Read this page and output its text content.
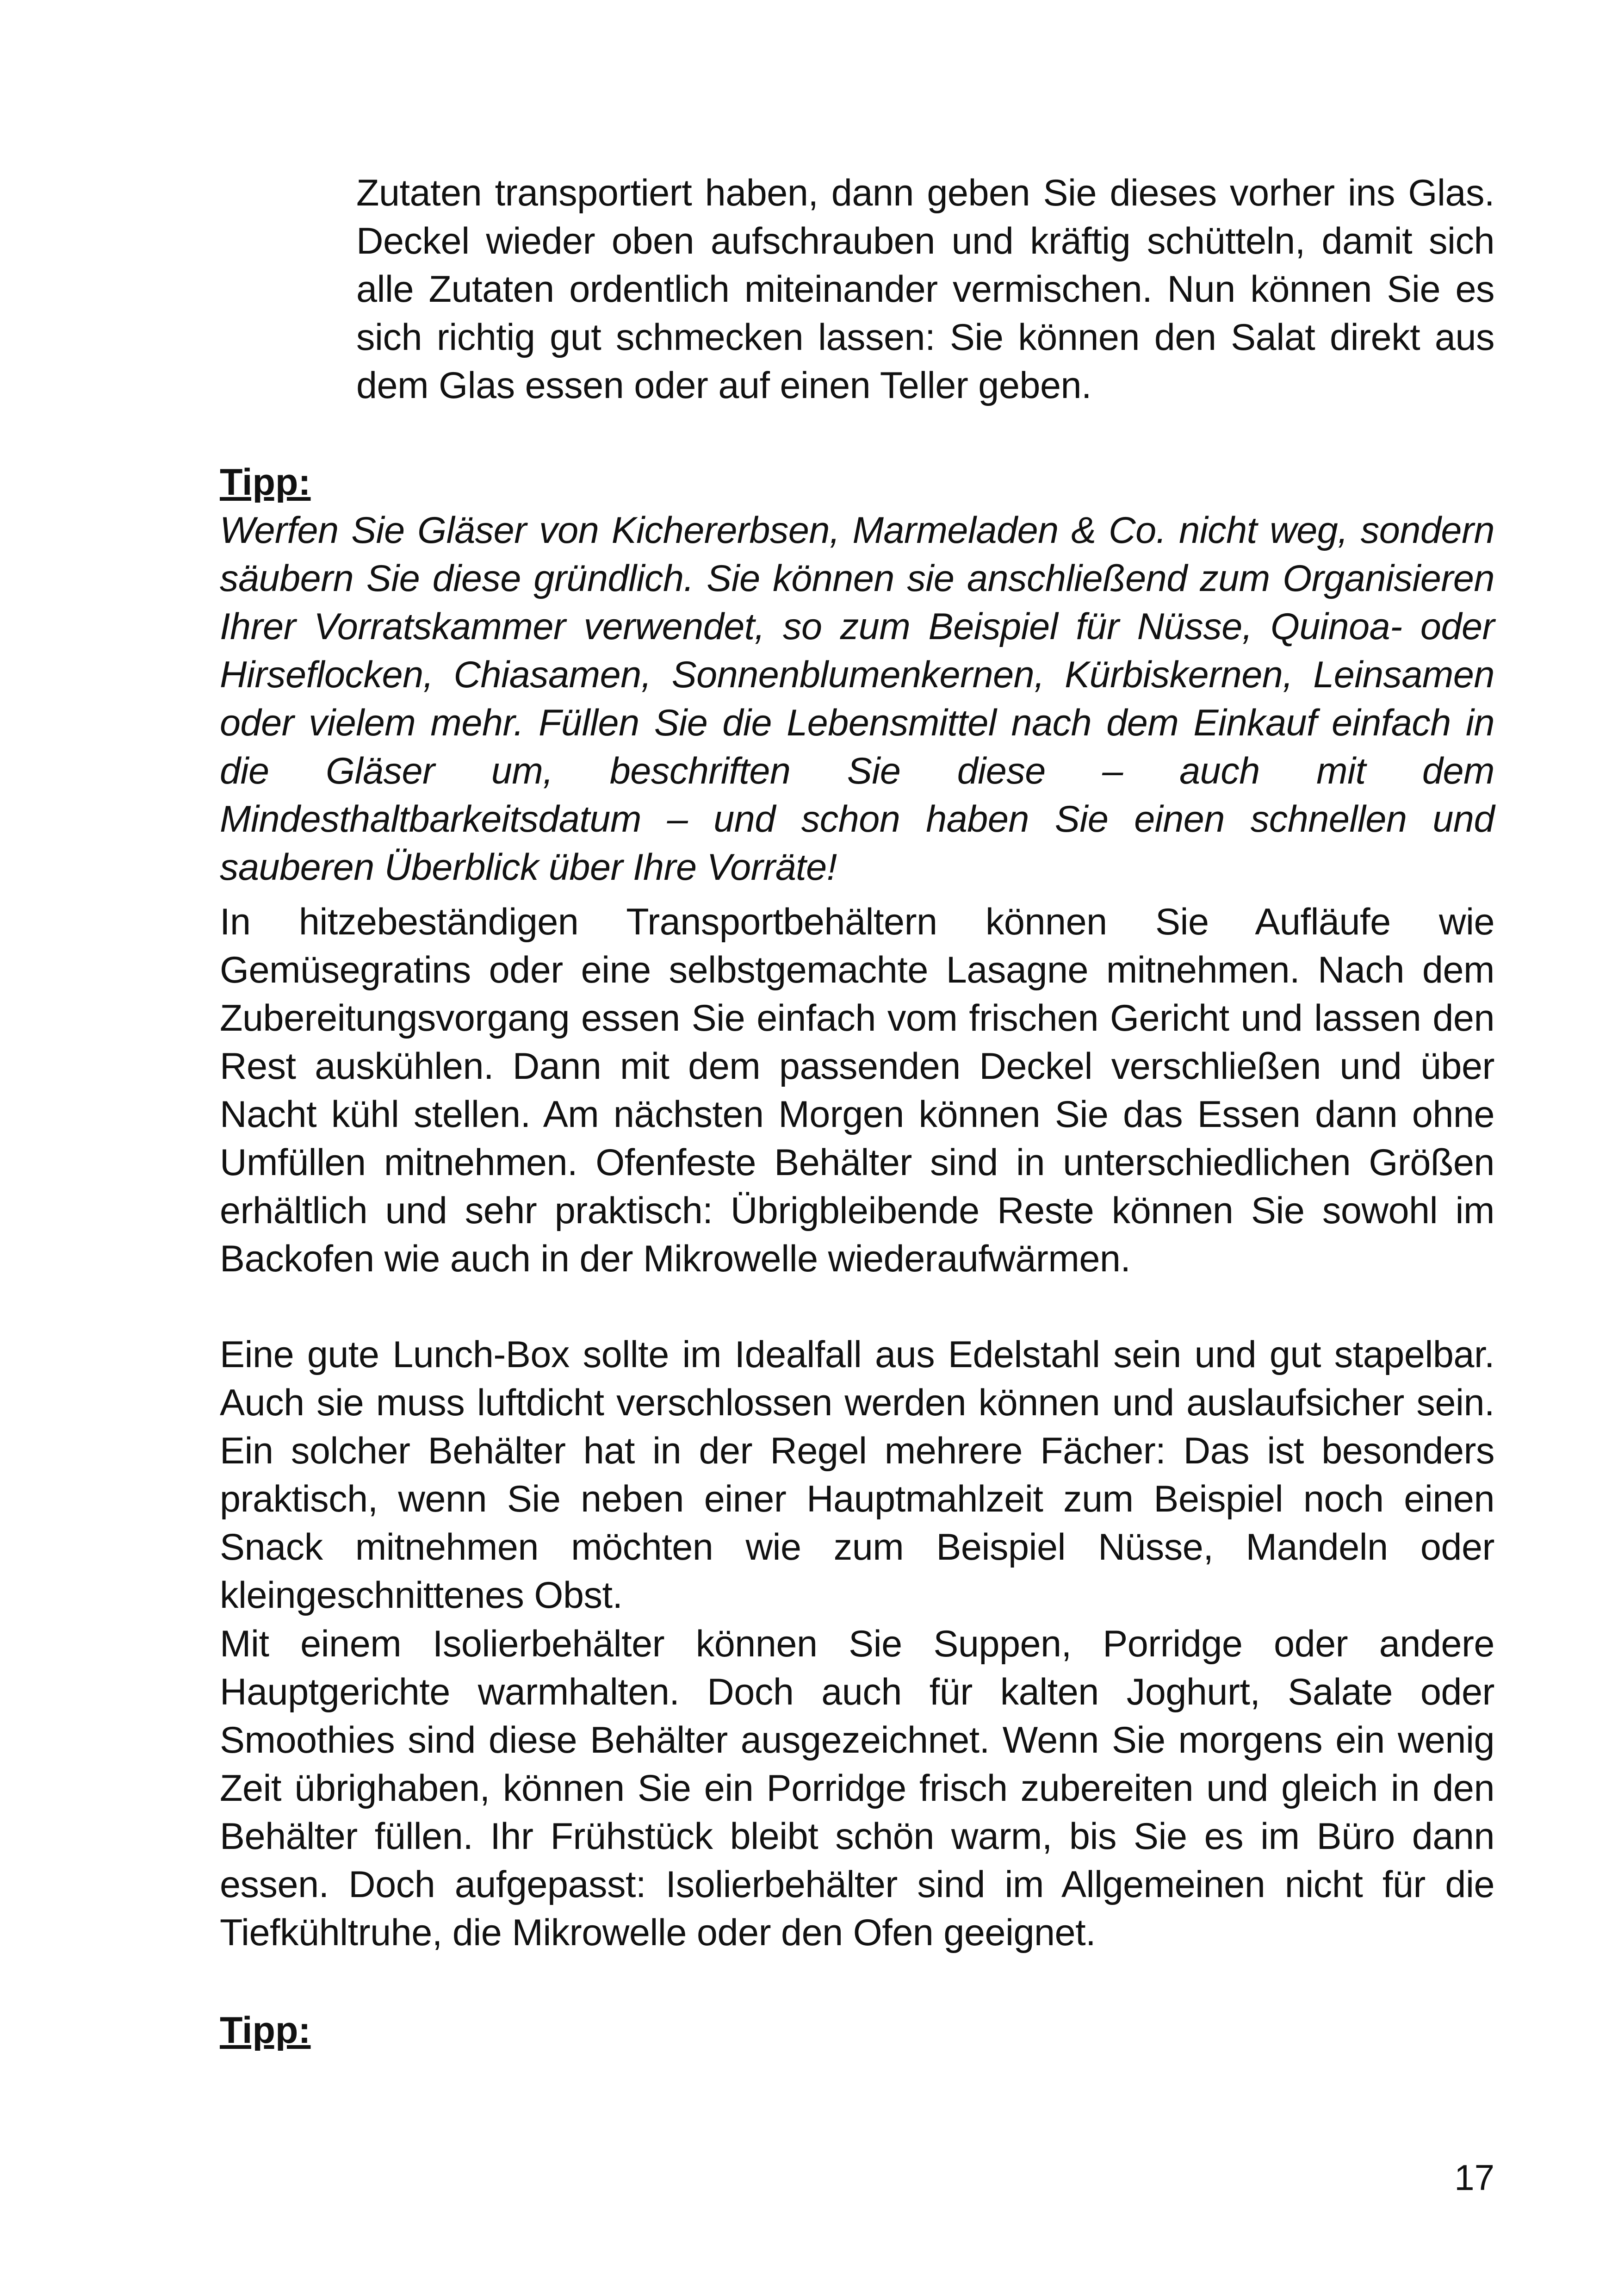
Zutaten transportiert haben, dann geben Sie dieses vorher ins Glas. Deckel wieder oben aufschrauben und kräftig schütteln, damit sich alle Zutaten ordentlich miteinander vermischen. Nun können Sie es sich richtig gut schmecken lassen: Sie können den Salat direkt aus dem Glas essen oder auf einen Teller geben.

Tipp:

Werfen Sie Gläser von Kichererbsen, Marmeladen & Co. nicht weg, sondern säubern Sie diese gründlich. Sie können sie anschließend zum Organisieren Ihrer Vorratskammer verwendet, so zum Beispiel für Nüsse, Quinoa- oder Hirseflocken, Chiasamen, Sonnenblumenkernen, Kürbiskernen, Leinsamen oder vielem mehr. Füllen Sie die Lebensmittel nach dem Einkauf einfach in die Gläser um, beschriften Sie diese – auch mit dem Mindesthaltbarkeitsdatum – und schon haben Sie einen schnellen und sauberen Überblick über Ihre Vorräte!

In hitzebeständigen Transportbehältern können Sie Aufläufe wie Gemüsegratins oder eine selbstgemachte Lasagne mitnehmen. Nach dem Zubereitungsvorgang essen Sie einfach vom frischen Gericht und lassen den Rest auskühlen. Dann mit dem passenden Deckel verschließen und über Nacht kühl stellen. Am nächsten Morgen können Sie das Essen dann ohne Umfüllen mitnehmen. Ofenfeste Behälter sind in unterschiedlichen Größen erhältlich und sehr praktisch: Übrigbleibende Reste können Sie sowohl im Backofen wie auch in der Mikrowelle wiederaufwärmen.

Eine gute Lunch-Box sollte im Idealfall aus Edelstahl sein und gut stapelbar. Auch sie muss luftdicht verschlossen werden können und auslaufsicher sein. Ein solcher Behälter hat in der Regel mehrere Fächer: Das ist besonders praktisch, wenn Sie neben einer Hauptmahlzeit zum Beispiel noch einen Snack mitnehmen möchten wie zum Beispiel Nüsse, Mandeln oder kleingeschnittenes Obst.

Mit einem Isolierbehälter können Sie Suppen, Porridge oder andere Hauptgerichte warmhalten. Doch auch für kalten Joghurt, Salate oder Smoothies sind diese Behälter ausgezeichnet. Wenn Sie morgens ein wenig Zeit übrighaben, können Sie ein Porridge frisch zubereiten und gleich in den Behälter füllen. Ihr Frühstück bleibt schön warm, bis Sie es im Büro dann essen. Doch aufgepasst: Isolierbehälter sind im Allgemeinen nicht für die Tiefkühltruhe, die Mikrowelle oder den Ofen geeignet.

Tipp:

17
